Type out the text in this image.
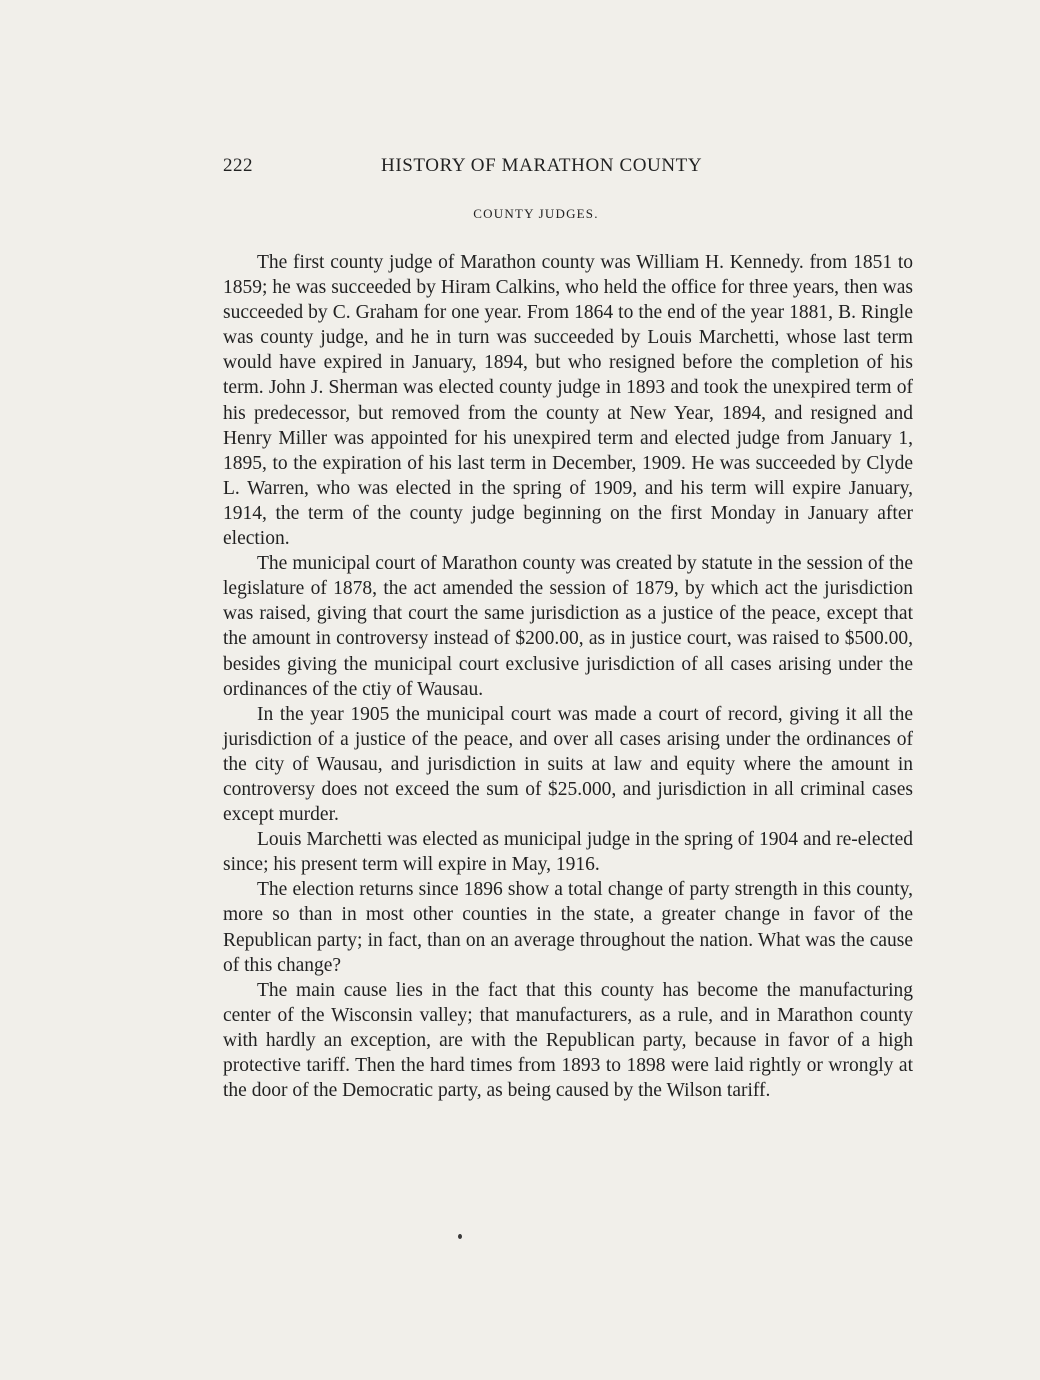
222	HISTORY OF MARATHON COUNTY
COUNTY JUDGES.

The first county judge of Marathon county was William H. Kennedy. from 1851 to 1859; he was succeeded by Hiram Calkins, who held the office for three years, then was succeeded by C. Graham for one year. From 1864 to the end of the year 1881, B. Ringle was county judge, and he in turn was succeeded by Louis Marchetti, whose last term would have expired in January, 1894, but who resigned before the completion of his term. John J. Sherman was elected county judge in 1893 and took the unexpired term of his predecessor, but removed from the county at New Year, 1894, and resigned and Henry Miller was appointed for his unexpired term and elected judge from January 1, 1895, to the expiration of his last term in December, 1909. He was succeeded by Clyde L. Warren, who was elected in the spring of 1909, and his term will expire January, 1914, the term of the county judge beginning on the first Monday in January after election.

The municipal court of Marathon county was created by statute in the session of the legislature of 1878, the act amended the session of 1879, by which act the jurisdiction was raised, giving that court the same jurisdiction as a justice of the peace, except that the amount in controversy instead of $200.00, as in justice court, was raised to $500.00, besides giving the municipal court exclusive jurisdiction of all cases arising under the ordinances of the ctiy of Wausau.

In the year 1905 the municipal court was made a court of record, giving it all the jurisdiction of a justice of the peace, and over all cases arising under the ordinances of the city of Wausau, and jurisdiction in suits at law and equity where the amount in controversy does not exceed the sum of $25.000, and jurisdiction in all criminal cases except murder.

Louis Marchetti was elected as municipal judge in the spring of 1904 and re-elected since; his present term will expire in May, 1916.

The election returns since 1896 show a total change of party strength in this county, more so than in most other counties in the state, a greater change in favor of the Republican party; in fact, than on an average throughout the nation. What was the cause of this change?

The main cause lies in the fact that this county has become the manufacturing center of the Wisconsin valley; that manufacturers, as a rule, and in Marathon county with hardly an exception, are with the Republican party, because in favor of a high protective tariff. Then the hard times from 1893 to 1898 were laid rightly or wrongly at the door of the Democratic party, as being caused by the Wilson tariff.
